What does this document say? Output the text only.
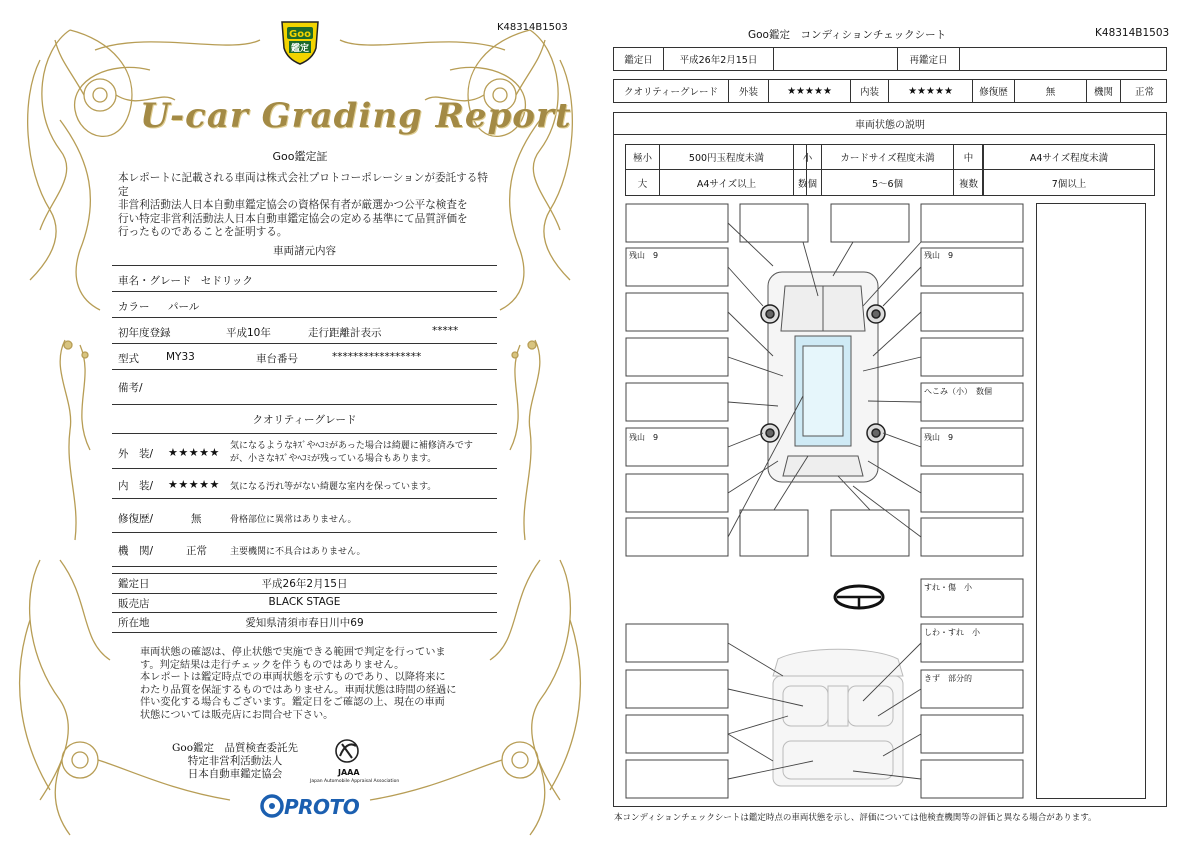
K48314B1503
Goo
鑑定
U-car Grading Report
Goo鑑定証
本レポートに記載される車両は株式会社プロトコーポレーションが委託する特定
非営利活動法人日本自動車鑑定協会の資格保有者が厳選かつ公平な検査を
行い特定非営利活動法人日本自動車鑑定協会の定める基準にて品質評価を
行ったものであることを証明する。
車両諸元内容
車名・グレード セドリック
カラー パール
初年度登録	平成10年	走行距離計表示	*****
型式	MY33	車台番号	*****************
備考/
クオリティーグレード
外　装/ ★★★★★ 気になるようなｷｽﾞやﾍｺﾐがあった場合は綺麗に補修済みです
が、小さなｷｽﾞやﾍｺﾐが残っている場合もあります。
内　装/ ★★★★★ 気になる汚れ等がない綺麗な室内を保っています。
修復歴/	無	骨格部位に異常はありません。
機　関/	正常	主要機関に不具合はありません。
鑑定日	平成26年2月15日
販売店	BLACK STAGE
所在地	愛知県清須市春日川中69
車両状態の確認は、停止状態で実施できる範囲で判定を行っていま
す。判定結果は走行チェックを伴うものではありません。
本レポートは鑑定時点での車両状態を示すものであり、以降将来に
わたり品質を保証するものではありません。車両状態は時間の経過に
伴い変化する場合もございます。鑑定日をご確認の上、現在の車両
状態については販売店にお問合せ下さい。
Goo鑑定　品質検査委託先
特定非営利活動法人
日本自動車鑑定協会	JAAA
Japan Automobile Appraisal Association
PROTO
Goo鑑定　コンディションチェックシート	K48314B1503
鑑定日	平成26年2月15日	再鑑定日
クオリティーグレード	外装	★★★★★	内装	★★★★★	修復歴	無	機関	正常
車両状態の説明
極小	500円玉程度未満	小	カードサイズ程度未満	中	A4サイズ程度未満
大	A4サイズ以上	数個	5～6個	複数	7個以上
残山　9	残山　9
へこみ（小）　数個
残山　9	残山　9
すれ・傷　小
しわ・すれ　小
きず　部分的
本コンディションチェックシートは鑑定時点の車両状態を示し、評価については他検査機関等の評価と異なる場合があります。
